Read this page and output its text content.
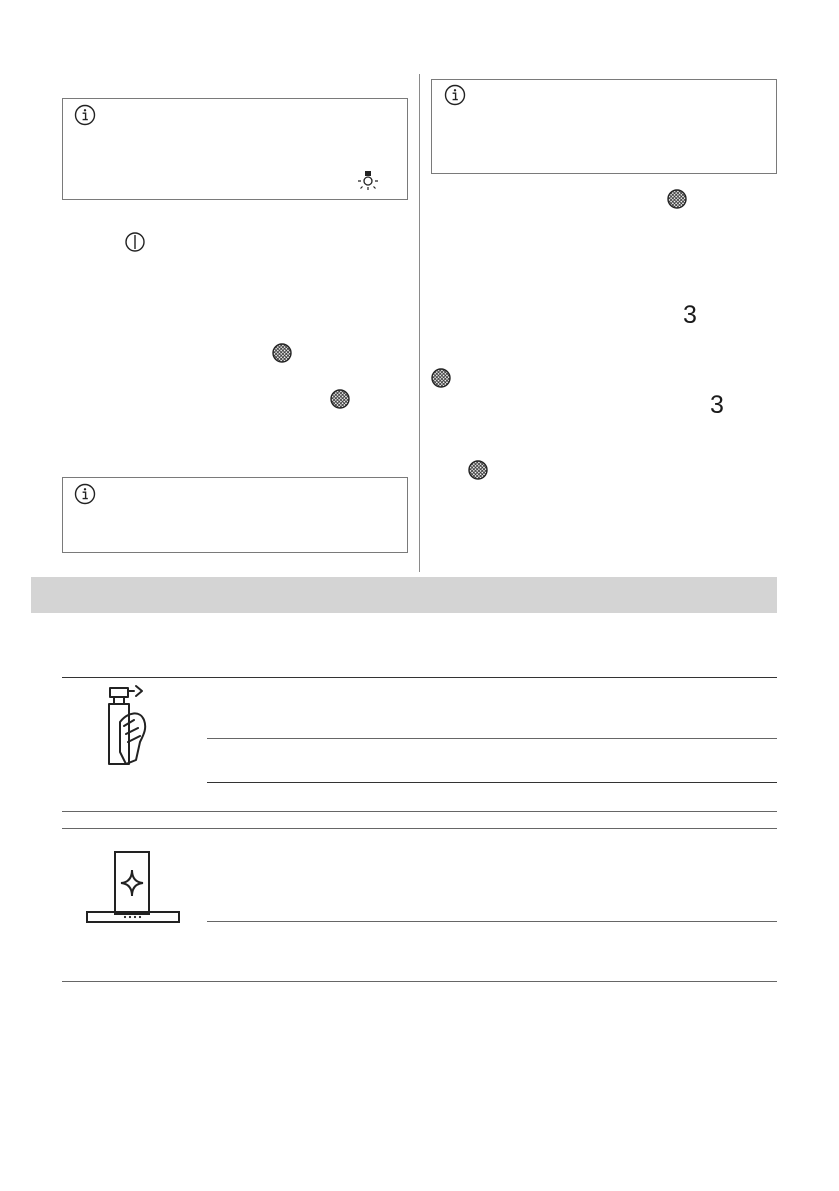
3
3
